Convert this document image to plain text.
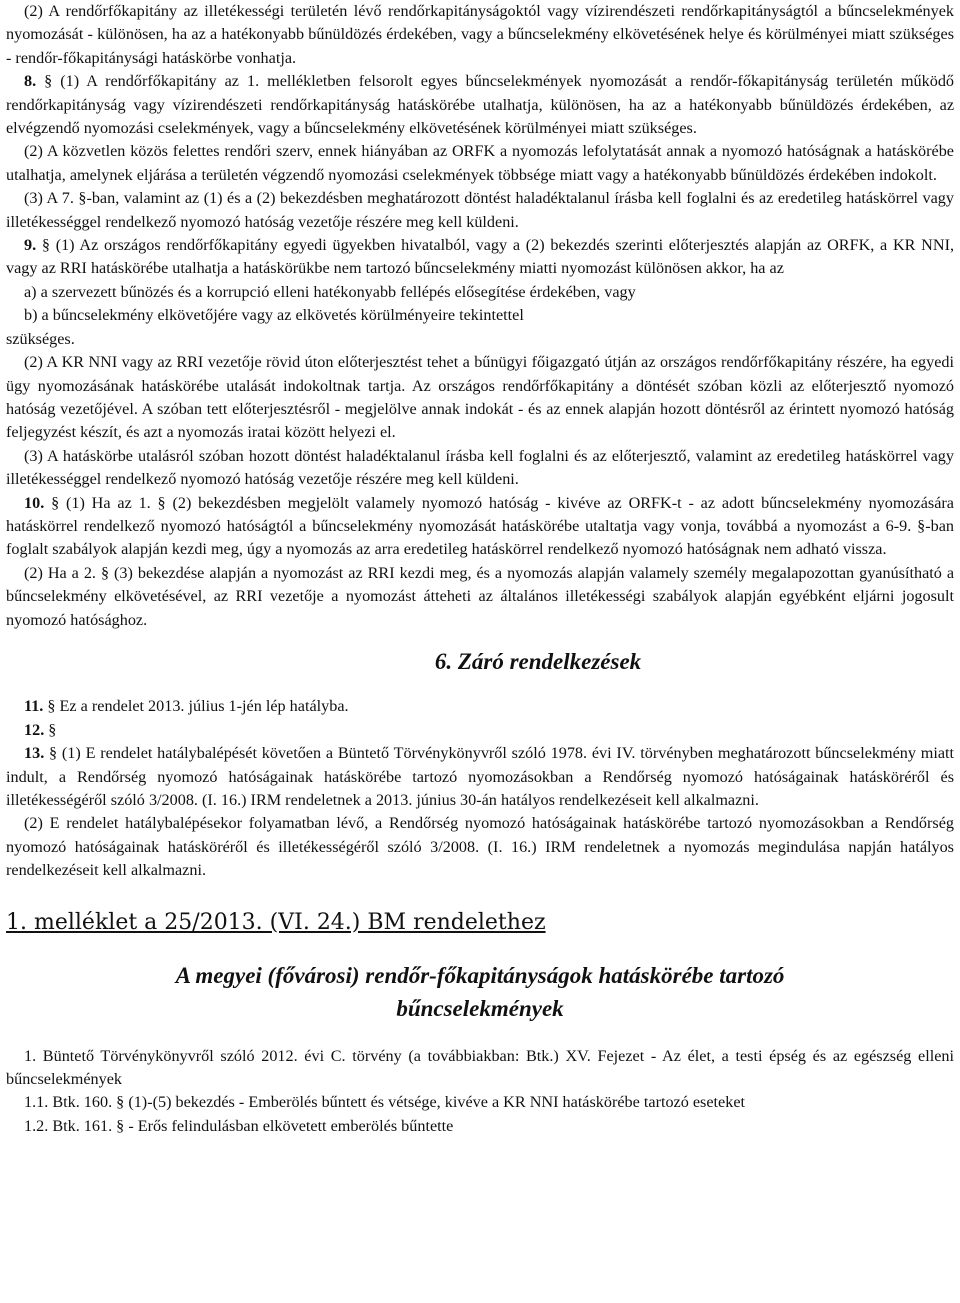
(2) A rendőrfőkapitány az illetékességi területén lévő rendőrkapitányságoktól vagy vízirendészeti rendőrkapitányságtól a bűncselekmények nyomozását - különösen, ha az a hatékonyabb bűnüldözés érdekében, vagy a bűncselekmény elkövetésének helye és körülményei miatt szükséges - rendőr-főkapitánysági hatáskörbe vonhatja.

8. § (1) A rendőrfőkapitány az 1. mellékletben felsorolt egyes bűncselekmények nyomozását a rendőr-főkapitányság területén működő rendőrkapitányság vagy vízirendészeti rendőrkapitányság hatáskörébe utalhatja, különösen, ha az a hatékonyabb bűnüldözés érdekében, az elvégzendő nyomozási cselekmények, vagy a bűncselekmény elkövetésének körülményei miatt szükséges.

(2) A közvetlen közös felettes rendőri szerv, ennek hiányában az ORFK a nyomozás lefolytatását annak a nyomozó hatóságnak a hatáskörébe utalhatja, amelynek eljárása a területén végzendő nyomozási cselekmények többsége miatt vagy a hatékonyabb bűnüldözés érdekében indokolt.

(3) A 7. §-ban, valamint az (1) és a (2) bekezdésben meghatározott döntést haladéktalanul írásba kell foglalni és az eredetileg hatáskörrel vagy illetékességgel rendelkező nyomozó hatóság vezetője részére meg kell küldeni.

9. § (1) Az országos rendőrfőkapitány egyedi ügyekben hivatalból, vagy a (2) bekezdés szerinti előterjesztés alapján az ORFK, a KR NNI, vagy az RRI hatáskörébe utalhatja a hatáskörükbe nem tartozó bűncselekmény miatti nyomozást különösen akkor, ha az

a) a szervezett bűnözés és a korrupció elleni hatékonyabb fellépés elősegítése érdekében, vagy

b) a bűncselekmény elkövetőjére vagy az elkövetés körülményeire tekintettel

szükséges.

(2) A KR NNI vagy az RRI vezetője rövid úton előterjesztést tehet a bűnügyi főigazgató útján az országos rendőrfőkapitány részére, ha egyedi ügy nyomozásának hatáskörébe utalását indokoltnak tartja. Az országos rendőrfőkapitány a döntését szóban közli az előterjesztő nyomozó hatóság vezetőjével. A szóban tett előterjesztésről - megjelölve annak indokát - és az ennek alapján hozott döntésről az érintett nyomozó hatóság feljegyzést készít, és azt a nyomozás iratai között helyezi el.

(3) A hatáskörbe utalásról szóban hozott döntést haladéktalanul írásba kell foglalni és az előterjesztő, valamint az eredetileg hatáskörrel vagy illetékességgel rendelkező nyomozó hatóság vezetője részére meg kell küldeni.

10. § (1) Ha az 1. § (2) bekezdésben megjelölt valamely nyomozó hatóság - kivéve az ORFK-t - az adott bűncselekmény nyomozására hatáskörrel rendelkező nyomozó hatóságtól a bűncselekmény nyomozását hatáskörébe utaltatja vagy vonja, továbbá a nyomozást a 6-9. §-ban foglalt szabályok alapján kezdi meg, úgy a nyomozás az arra eredetileg hatáskörrel rendelkező nyomozó hatóságnak nem adható vissza.

(2) Ha a 2. § (3) bekezdése alapján a nyomozást az RRI kezdi meg, és a nyomozás alapján valamely személy megalapozottan gyanúsítható a bűncselekmény elkövetésével, az RRI vezetője a nyomozást átteheti az általános illetékességi szabályok alapján egyébként eljárni jogosult nyomozó hatósághoz.

6. Záró rendelkezések

11. § Ez a rendelet 2013. július 1-jén lép hatályba.

12. §

13. § (1) E rendelet hatálybalépését követően a Büntető Törvénykönyvről szóló 1978. évi IV. törvényben meghatározott bűncselekmény miatt indult, a Rendőrség nyomozó hatóságainak hatáskörébe tartozó nyomozásokban a Rendőrség nyomozó hatóságainak hatásköréről és illetékességéről szóló 3/2008. (I. 16.) IRM rendeletnek a 2013. június 30-án hatályos rendelkezéseit kell alkalmazni.

(2) E rendelet hatálybalépésekor folyamatban lévő, a Rendőrség nyomozó hatóságainak hatáskörébe tartozó nyomozásokban a Rendőrség nyomozó hatóságainak hatásköréről és illetékességéről szóló 3/2008. (I. 16.) IRM rendeletnek a nyomozás megindulása napján hatályos rendelkezéseit kell alkalmazni.

1. melléklet a 25/2013. (VI. 24.) BM rendelethez
A megyei (fővárosi) rendőr-főkapitányságok hatáskörébe tartozó bűncselekmények

1. Büntető Törvénykönyvről szóló 2012. évi C. törvény (a továbbiakban: Btk.) XV. Fejezet - Az élet, a testi épség és az egészség elleni bűncselekmények

1.1. Btk. 160. § (1)-(5) bekezdés - Emberölés bűntett és vétsége, kivéve a KR NNI hatáskörébe tartozó eseteket

1.2. Btk. 161. § - Erős felindulásban elkövetett emberölés bűntette
